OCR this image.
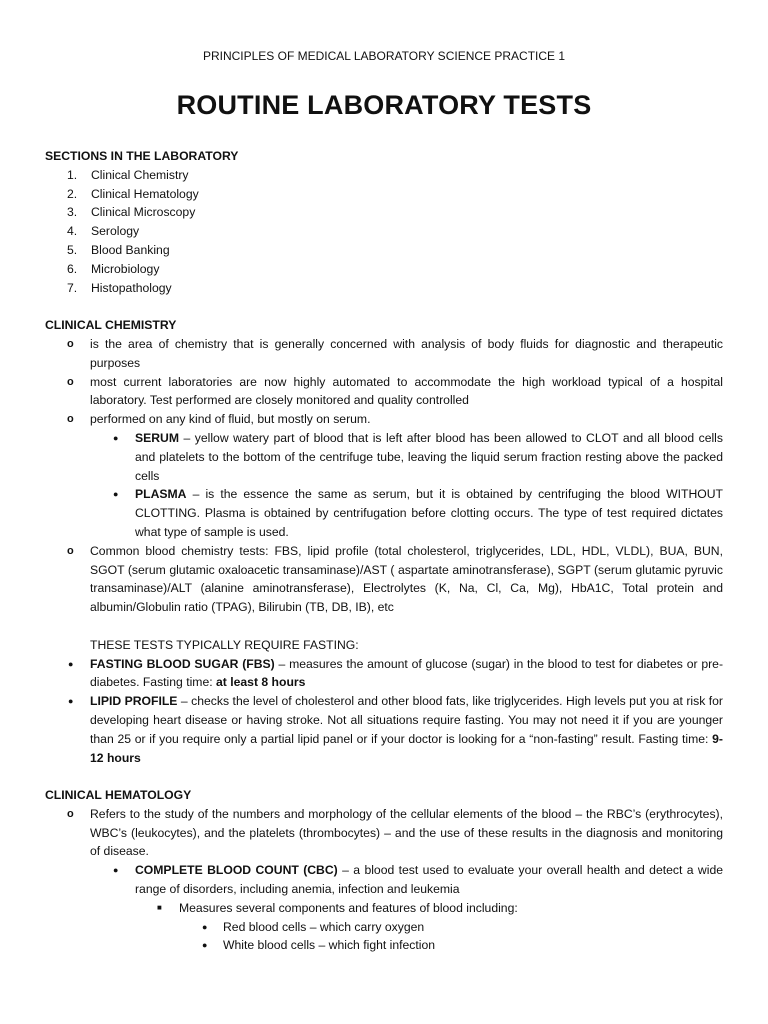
PRINCIPLES OF MEDICAL LABORATORY SCIENCE PRACTICE 1
ROUTINE LABORATORY TESTS
SECTIONS IN THE LABORATORY
1. Clinical Chemistry
2. Clinical Hematology
3. Clinical Microscopy
4. Serology
5. Blood Banking
6. Microbiology
7. Histopathology
CLINICAL CHEMISTRY
o is the area of chemistry that is generally concerned with analysis of body fluids for diagnostic and therapeutic purposes
o most current laboratories are now highly automated to accommodate the high workload typical of a hospital laboratory. Test performed are closely monitored and quality controlled
o performed on any kind of fluid, but mostly on serum.
● SERUM – yellow watery part of blood that is left after blood has been allowed to CLOT and all blood cells and platelets to the bottom of the centrifuge tube, leaving the liquid serum fraction resting above the packed cells
● PLASMA – is the essence the same as serum, but it is obtained by centrifuging the blood WITHOUT CLOTTING. Plasma is obtained by centrifugation before clotting occurs. The type of test required dictates what type of sample is used.
o Common blood chemistry tests: FBS, lipid profile (total cholesterol, triglycerides, LDL, HDL, VLDL), BUA, BUN, SGOT (serum glutamic oxaloacetic transaminase)/AST ( aspartate aminotransferase), SGPT (serum glutamic pyruvic transaminase)/ALT (alanine aminotransferase), Electrolytes (K, Na, Cl, Ca, Mg), HbA1C, Total protein and albumin/Globulin ratio (TPAG), Bilirubin (TB, DB, IB), etc
THESE TESTS TYPICALLY REQUIRE FASTING:
● FASTING BLOOD SUGAR (FBS) – measures the amount of glucose (sugar) in the blood to test for diabetes or pre-diabetes. Fasting time: at least 8 hours
● LIPID PROFILE – checks the level of cholesterol and other blood fats, like triglycerides. High levels put you at risk for developing heart disease or having stroke. Not all situations require fasting. You may not need it if you are younger than 25 or if you require only a partial lipid panel or if your doctor is looking for a “non-fasting” result. Fasting time: 9-12 hours
CLINICAL HEMATOLOGY
o Refers to the study of the numbers and morphology of the cellular elements of the blood – the RBC’s (erythrocytes), WBC’s (leukocytes), and the platelets (thrombocytes) – and the use of these results in the diagnosis and monitoring of disease.
● COMPLETE BLOOD COUNT (CBC) – a blood test used to evaluate your overall health and detect a wide range of disorders, including anemia, infection and leukemia
■ Measures several components and features of blood including:
● Red blood cells – which carry oxygen
● White blood cells – which fight infection
